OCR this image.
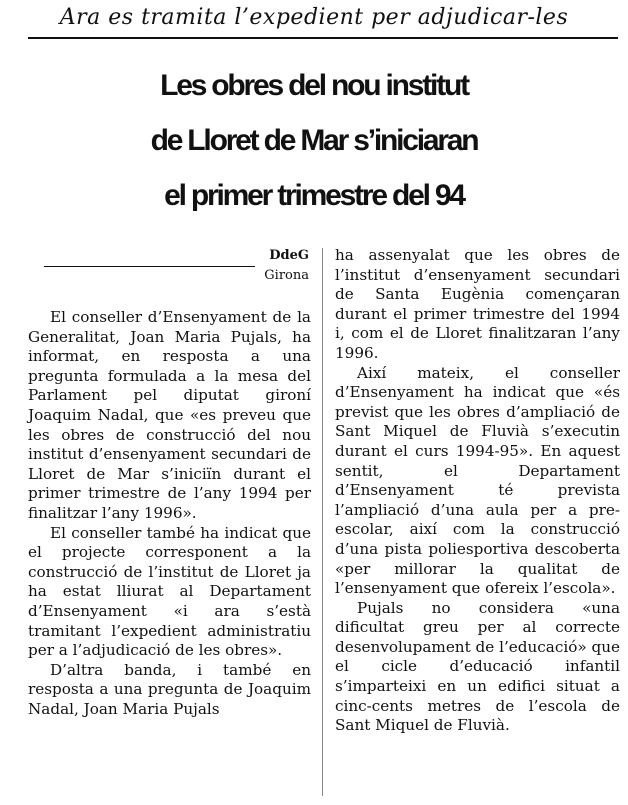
Ara es tramita l’expedient per adjudicar-les
Les obres del nou institut
de Lloret de Mar s’iniciaran
el primer trimestre del 94
DdeG
Girona

El conseller d’Ensenyament de la Generalitat, Joan Maria Pujals, ha informat, en resposta a una pregunta formulada a la mesa del Parlament pel diputat gironí Joaquim Nadal, que «es preveu que les obres de construcció del nou institut d’ensenyament secundari de Lloret de Mar s’iniciïn durant el primer trimestre de l’any 1994 per finalitzar l’any 1996».

El conseller també ha indicat que el projecte corresponent a la construcció de l’institut de Lloret ja ha estat lliurat al Departament d’Ensenyament «i ara s’està tramitant l’expedient administratiu per a l’adjudicació de les obres».

D’altra banda, i també en resposta a una pregunta de Joaquim Nadal, Joan Maria Pujals

ha assenyalat que les obres de l’institut d’ensenyament secundari de Santa Eugènia començaran durant el primer trimestre del 1994 i, com el de Lloret finalitzaran l’any 1996.

Així mateix, el conseller d’Ensenyament ha indicat que «és previst que les obres d’ampliació de Sant Miquel de Fluvià s’executin durant el curs 1994-95». En aquest sentit, el Departament d’Ensenyament té prevista l’ampliació d’una aula per a pre-escolar, així com la construcció d’una pista poliesportiva descoberta «per millorar la qualitat de l’ensenyament que ofereix l’escola».

Pujals no considera «una dificultat greu per al correcte desenvolupament de l’educació» que el cicle d’educació infantil s’imparteixi en un edifici situat a cinc-cents metres de l’escola de Sant Miquel de Fluvià.
